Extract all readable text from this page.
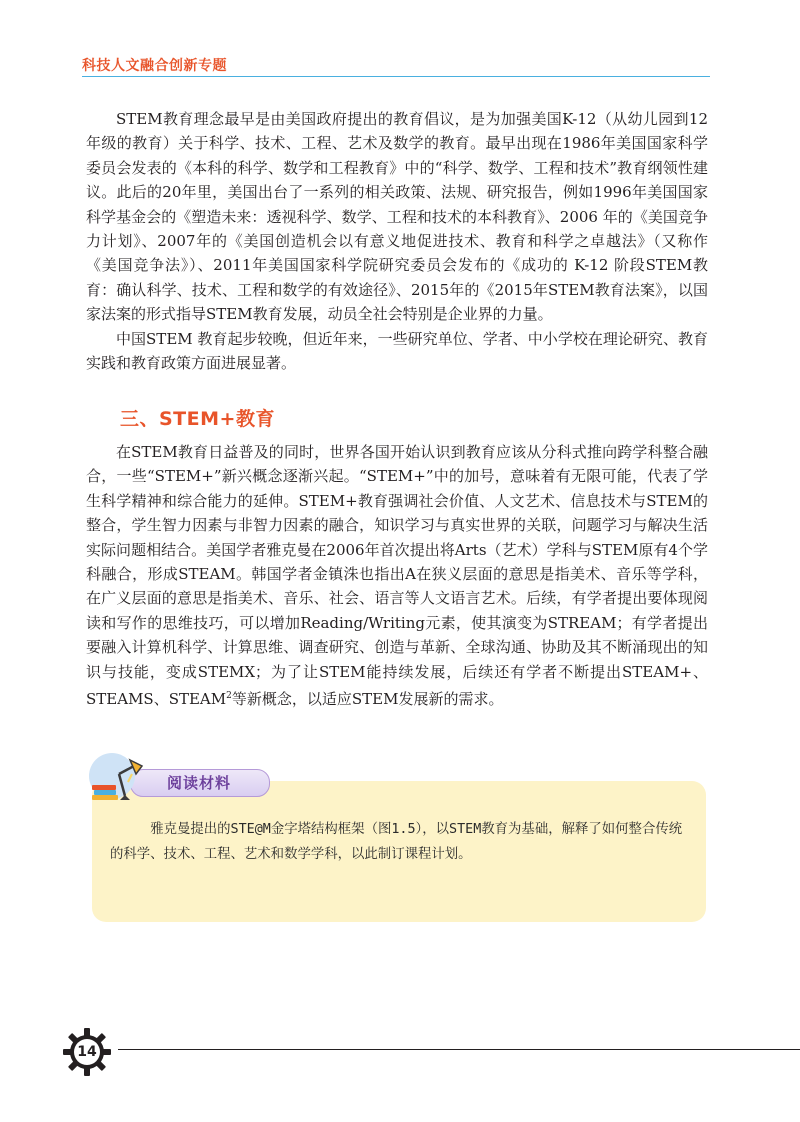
科技人文融合创新专题

STEM教育理念最早是由美国政府提出的教育倡议，是为加强美国K-12（从幼儿园到12年级的教育）关于科学、技术、工程、艺术及数学的教育。最早出现在1986年美国国家科学委员会发表的《本科的科学、数学和工程教育》中的“科学、数学、工程和技术”教育纲领性建议。此后的20年里，美国出台了一系列的相关政策、法规、研究报告，例如1996年美国国家科学基金会的《塑造未来：透视科学、数学、工程和技术的本科教育》、2006 年的《美国竞争力计划》、2007年的《美国创造机会以有意义地促进技术、教育和科学之卓越法》（又称作《美国竞争法》）、2011年美国国家科学院研究委员会发布的《成功的 K-12 阶段STEM教育：确认科学、技术、工程和数学的有效途径》、2015年的《2015年STEM教育法案》，以国家法案的形式指导STEM教育发展，动员全社会特别是企业界的力量。

中国STEM 教育起步较晚，但近年来，一些研究单位、学者、中小学校在理论研究、教育实践和教育政策方面进展显著。

三、STEM+教育

在STEM教育日益普及的同时，世界各国开始认识到教育应该从分科式推向跨学科整合融合，一些“STEM+”新兴概念逐渐兴起。“STEM+”中的加号，意味着有无限可能，代表了学生科学精神和综合能力的延伸。STEM+教育强调社会价值、人文艺术、信息技术与STEM的整合，学生智力因素与非智力因素的融合，知识学习与真实世界的关联，问题学习与解决生活实际问题相结合。美国学者雅克曼在2006年首次提出将Arts（艺术）学科与STEM原有4个学科融合，形成STEAM。韩国学者金镇洙也指出A在狭义层面的意思是指美术、音乐等学科，在广义层面的意思是指美术、音乐、社会、语言等人文语言艺术。后续，有学者提出要体现阅读和写作的思维技巧，可以增加Reading/Writing元素，使其演变为STREAM；有学者提出要融入计算机科学、计算思维、调查研究、创造与革新、全球沟通、协助及其不断涌现出的知识与技能，变成STEMX；为了让STEM能持续发展，后续还有学者不断提出STEAM+、STEAMS、STEAM$^2$等新概念，以适应STEM发展新的需求。

雅克曼提出的STE@M金字塔结构框架（图1.5），以STEM教育为基础，解释了如何整合传统的科学、技术、工程、艺术和数学学科，以此制订课程计划。

阅读材料
14
